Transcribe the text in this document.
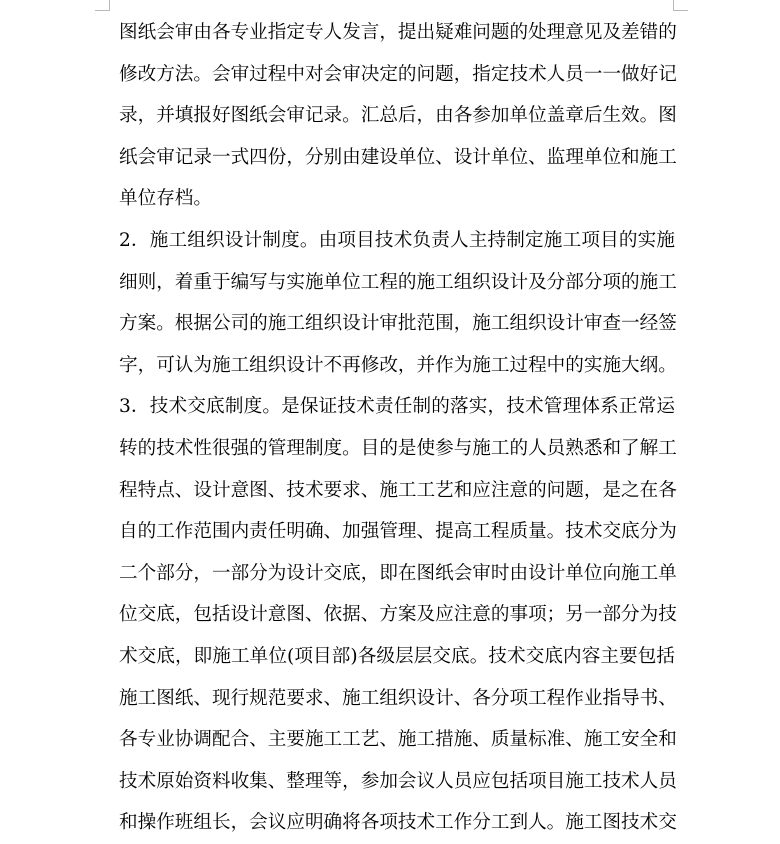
图纸会审由各专业指定专人发言，提出疑难问题的处理意见及差错的
修改方法。会审过程中对会审决定的问题，指定技术人员一一做好记
录，并填报好图纸会审记录。汇总后，由各参加单位盖章后生效。图
纸会审记录一式四份，分别由建设单位、设计单位、监理单位和施工
单位存档。
2．施工组织设计制度。由项目技术负责人主持制定施工项目的实施
细则，着重于编写与实施单位工程的施工组织设计及分部分项的施工
方案。根据公司的施工组织设计审批范围，施工组织设计审查一经签
字，可认为施工组织设计不再修改，并作为施工过程中的实施大纲。
3．技术交底制度。是保证技术责任制的落实，技术管理体系正常运
转的技术性很强的管理制度。目的是使参与施工的人员熟悉和了解工
程特点、设计意图、技术要求、施工工艺和应注意的问题，是之在各
自的工作范围内责任明确、加强管理、提高工程质量。技术交底分为
二个部分，一部分为设计交底，即在图纸会审时由设计单位向施工单
位交底，包括设计意图、依据、方案及应注意的事项；另一部分为技
术交底，即施工单位(项目部)各级层层交底。技术交底内容主要包括
施工图纸、现行规范要求、施工组织设计、各分项工程作业指导书、
各专业协调配合、主要施工工艺、施工措施、质量标准、施工安全和
技术原始资料收集、整理等，参加会议人员应包括项目施工技术人员
和操作班组长，会议应明确将各项技术工作分工到人。施工图技术交
